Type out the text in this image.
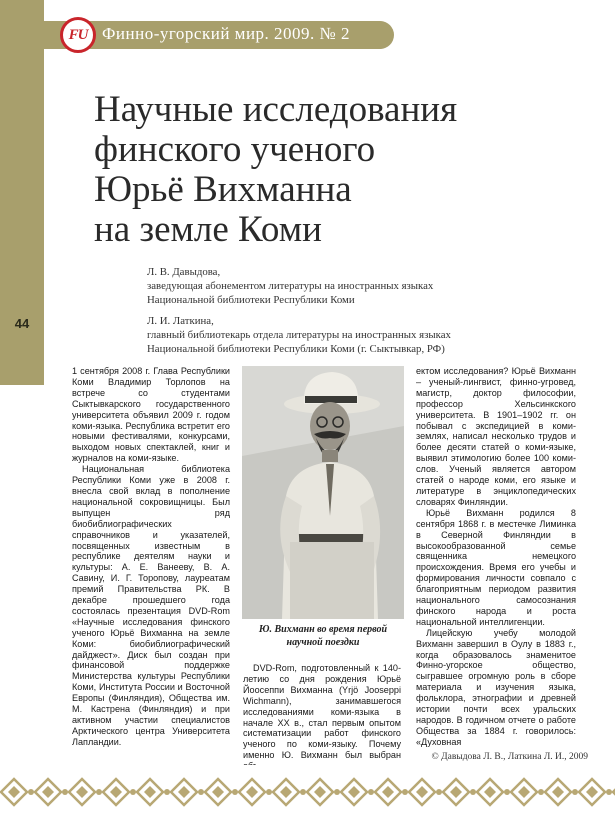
44
FU Финно-угорский мир. 2009. № 2
Научные исследования
финского ученого
Юрьё Вихманна
на земле Коми
Л. В. Давыдова,
заведующая абонементом литературы на иностранных языках
Национальной библиотеки Республики Коми
Л. И. Латкина,
главный библиотекарь отдела литературы на иностранных языках
Национальной библиотеки Республики Коми (г. Сыктывкар, РФ)

1 сентября 2008 г. Глава Республики Коми Владимир Торлопов на встрече со студентами Сыктывкарского государственного университета объявил 2009 г. годом коми-языка. Республика встретит его новыми фестивалями, конкурсами, выходом новых спектаклей, книг и журналов на коми-языке.

Национальная библиотека Республики Коми уже в 2008 г. внесла свой вклад в пополнение национальной сокровищницы. Был выпущен ряд биобиблиографических справочников и указателей, посвященных известным в республике деятелям науки и культуры: А. Е. Ванееву, В. А. Савину, И. Г. Торопову, лауреатам премий Правительства РК. В декабре прошедшего года состоялась презентация DVD-Rom «Научные исследования финского ученого Юрьё Вихманна на земле Коми: биобиблиографический дайджест». Диск был создан при финансовой поддержке Министерства культуры Республики Коми, Института России и Восточной Европы (Финляндия), Общества им. М. Кастрена (Финляндия) и при активном участии специалистов Арктического центра Университета Лапландии.

Ю. Вихманн во время первой
научной поездки

DVD-Rom, подготовленный к 140-летию со дня рождения Юрьё Йоосеппи Вихманна (Yrjö Jooseppi Wichmann), занимавшегося исследованиями коми-языка в начале XX в., стал первым опытом систематизации работ финского ученого по коми-языку. Почему именно Ю. Вихманн был выбран

ектом исследования? Юрьё Вихманн – ученый-лингвист, финно-угровед, магистр, доктор философии, профессор Хельсинкского университета. В 1901–1902 гг. он побывал с экспедицией в коми-землях, написал несколько трудов и более десяти статей о коми-языке, выявил этимологию более 100 коми-слов. Ученый является автором статей о народе коми, его языке и литературе в энциклопедических словарях Финляндии.

Юрьё Вихманн родился 8 сентября 1868 г. в местечке Лиминка в Северной Финляндии в высокообразованной семье священника немецкого происхождения. Время его учебы и формирования личности совпало с благоприятным периодом развития национального самосознания финского народа и роста национальной интеллигенции.

Лицейскую учебу молодой Вихманн завершил в Оулу в 1883 г., когда образовалось знаменитое Финно-угорское общество, сыгравшее огромную роль в сборе материала и изучения языка, фольклора, этнографии и древней истории почти всех уральских народов. В годичном отчете о работе Общества за 1884 г. говорилось: «Духовная

© Давыдова Л. В., Латкина Л. И., 2009
